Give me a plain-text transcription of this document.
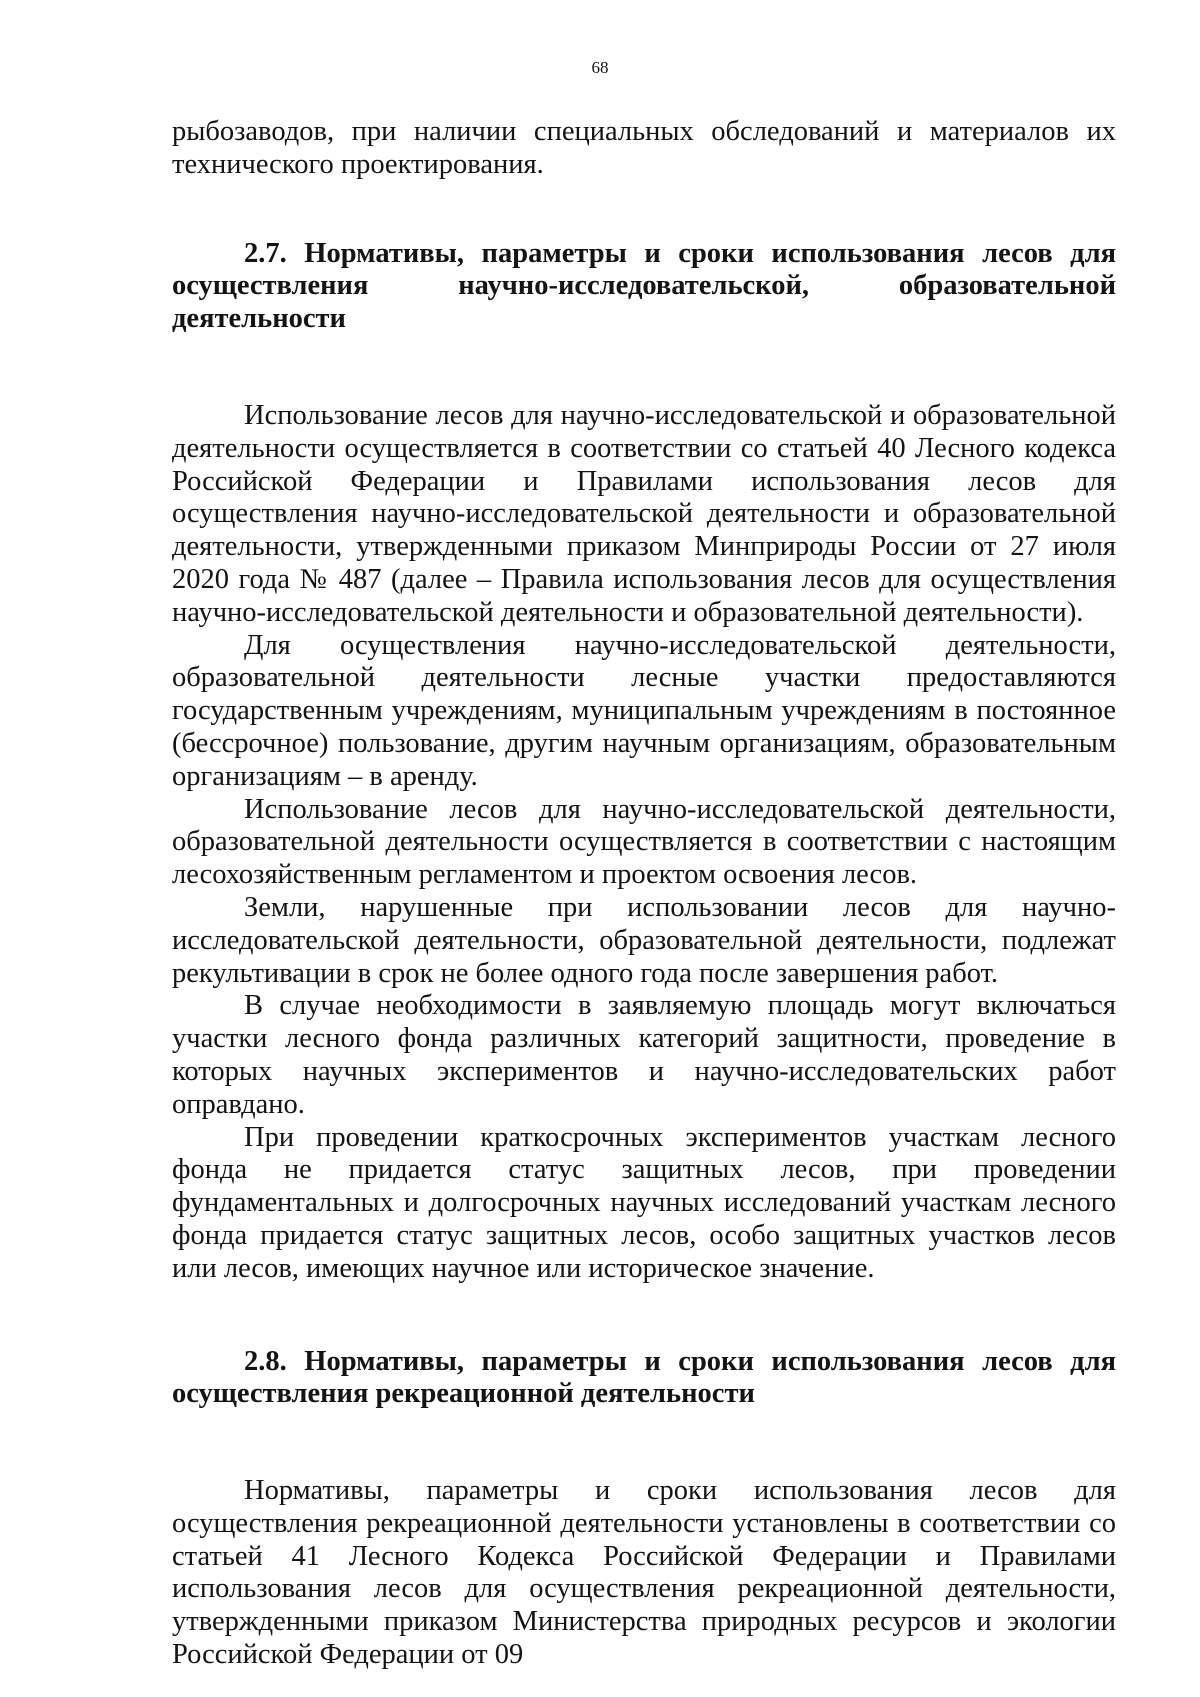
68

рыбозаводов, при наличии специальных обследований и материалов их технического проектирования.

2.7. Нормативы, параметры и сроки использования лесов для осуществления научно-исследовательской, образовательной деятельности

Использование лесов для научно-исследовательской и образовательной деятельности осуществляется в соответствии со статьей 40 Лесного кодекса Российской Федерации и Правилами использования лесов для осуществления научно-исследовательской деятельности и образовательной деятельности, утвержденными приказом Минприроды России от 27 июля 2020 года № 487 (далее – Правила использования лесов для осуществления научно-исследовательской деятельности и образовательной деятельности).

Для осуществления научно-исследовательской деятельности, образовательной деятельности лесные участки предоставляются государственным учреждениям, муниципальным учреждениям в постоянное (бессрочное) пользование, другим научным организациям, образовательным организациям – в аренду.

Использование лесов для научно-исследовательской деятельности, образовательной деятельности осуществляется в соответствии с настоящим лесохозяйственным регламентом и проектом освоения лесов.

Земли, нарушенные при использовании лесов для научно-исследовательской деятельности, образовательной деятельности, подлежат рекультивации в срок не более одного года после завершения работ.

В случае необходимости в заявляемую площадь могут включаться участки лесного фонда различных категорий защитности, проведение в которых научных экспериментов и научно-исследовательских работ оправдано.

При проведении краткосрочных экспериментов участкам лесного фонда не придается статус защитных лесов, при проведении фундаментальных и долгосрочных научных исследований участкам лесного фонда придается статус защитных лесов, особо защитных участков лесов или лесов, имеющих научное или историческое значение.

2.8. Нормативы, параметры и сроки использования лесов для осуществления рекреационной деятельности

Нормативы, параметры и сроки использования лесов для осуществления рекреационной деятельности установлены в соответствии со статьей 41 Лесного Кодекса Российской Федерации и Правилами использования лесов для осуществления рекреационной деятельности, утвержденными приказом Министерства природных ресурсов и экологии Российской Федерации от 09
